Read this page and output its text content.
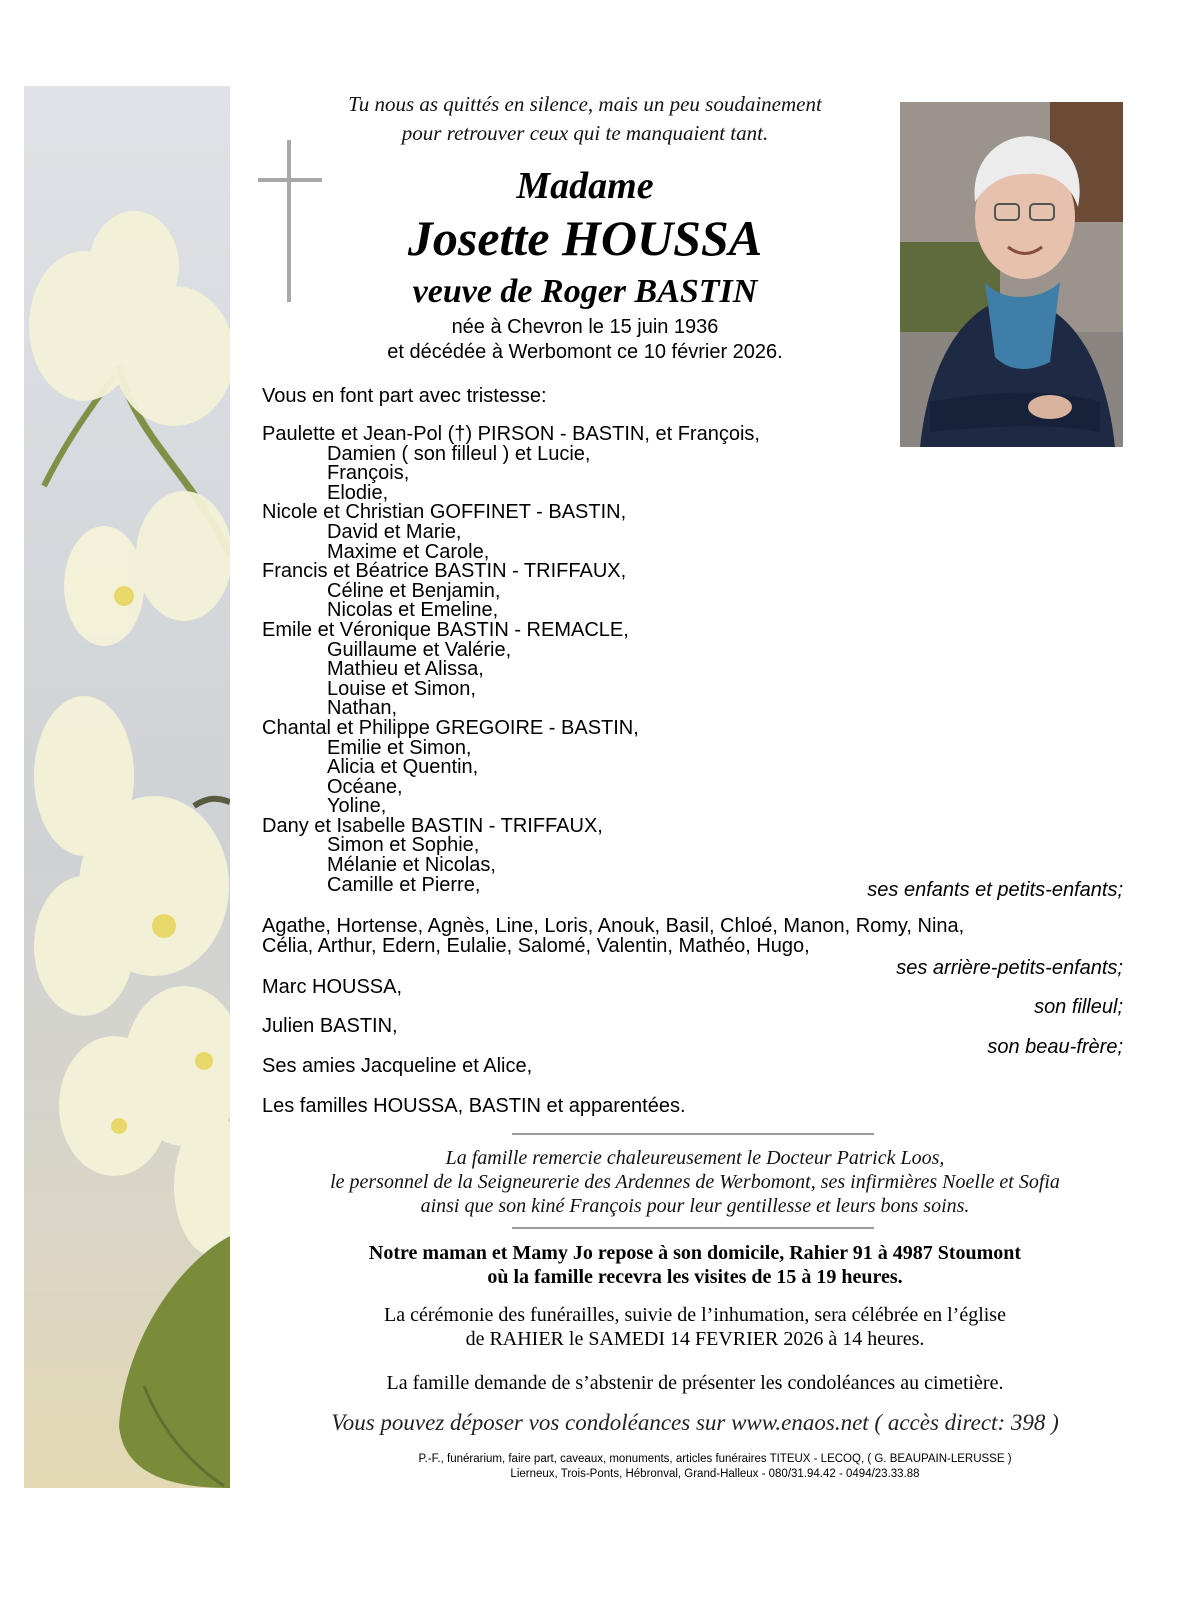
Tu nous as quittés en silence, mais un peu soudainement
pour retrouver ceux qui te manquaient tant.
Madame
Josette HOUSSA
veuve de Roger BASTIN
née à Chevron le 15 juin 1936
et décédée à Werbomont ce 10 février 2026.
Vous en font part avec tristesse:
Paulette et Jean-Pol (†) PIRSON - BASTIN, et François,
Damien ( son filleul ) et Lucie,
François,
Elodie,
Nicole et Christian GOFFINET - BASTIN,
David et Marie,
Maxime et Carole,
Francis et Béatrice BASTIN - TRIFFAUX,
Céline et Benjamin,
Nicolas et Emeline,
Emile et Véronique BASTIN - REMACLE,
Guillaume et Valérie,
Mathieu et Alissa,
Louise et Simon,
Nathan,
Chantal et Philippe GREGOIRE - BASTIN,
Emilie et Simon,
Alicia et Quentin,
Océane,
Yoline,
Dany et Isabelle BASTIN - TRIFFAUX,
Simon et Sophie,
Mélanie et Nicolas,
Camille et Pierre,	ses enfants et petits-enfants;
Agathe, Hortense, Agnès, Line, Loris, Anouk, Basil, Chloé, Manon, Romy, Nina,
Célia, Arthur, Edern, Eulalie, Salomé, Valentin, Mathéo, Hugo,
ses arrière-petits-enfants;
Marc HOUSSA,
son filleul;
Julien BASTIN,
son beau-frère;
Ses amies Jacqueline et Alice,
Les familles HOUSSA, BASTIN et apparentées.
La famille remercie chaleureusement le Docteur Patrick Loos,
le personnel de la Seigneurerie des Ardennes de Werbomont, ses infirmières Noelle et Sofia
ainsi que son kiné François pour leur gentillesse et leurs bons soins.
Notre maman et Mamy Jo repose à son domicile, Rahier 91 à 4987 Stoumont
où la famille recevra les visites de 15 à 19 heures.
La cérémonie des funérailles, suivie de l’inhumation, sera célébrée en l’église
de RAHIER le SAMEDI 14 FEVRIER 2026 à 14 heures.
La famille demande de s’abstenir de présenter les condoléances au cimetière.
Vous pouvez déposer vos condoléances sur www.enaos.net ( accès direct: 398 )
P.-F., funérarium, faire part, caveaux, monuments, articles funéraires TITEUX - LECOQ, ( G. BEAUPAIN-LERUSSE )
Lierneux, Trois-Ponts, Hébronval, Grand-Halleux - 080/31.94.42 - 0494/23.33.88
